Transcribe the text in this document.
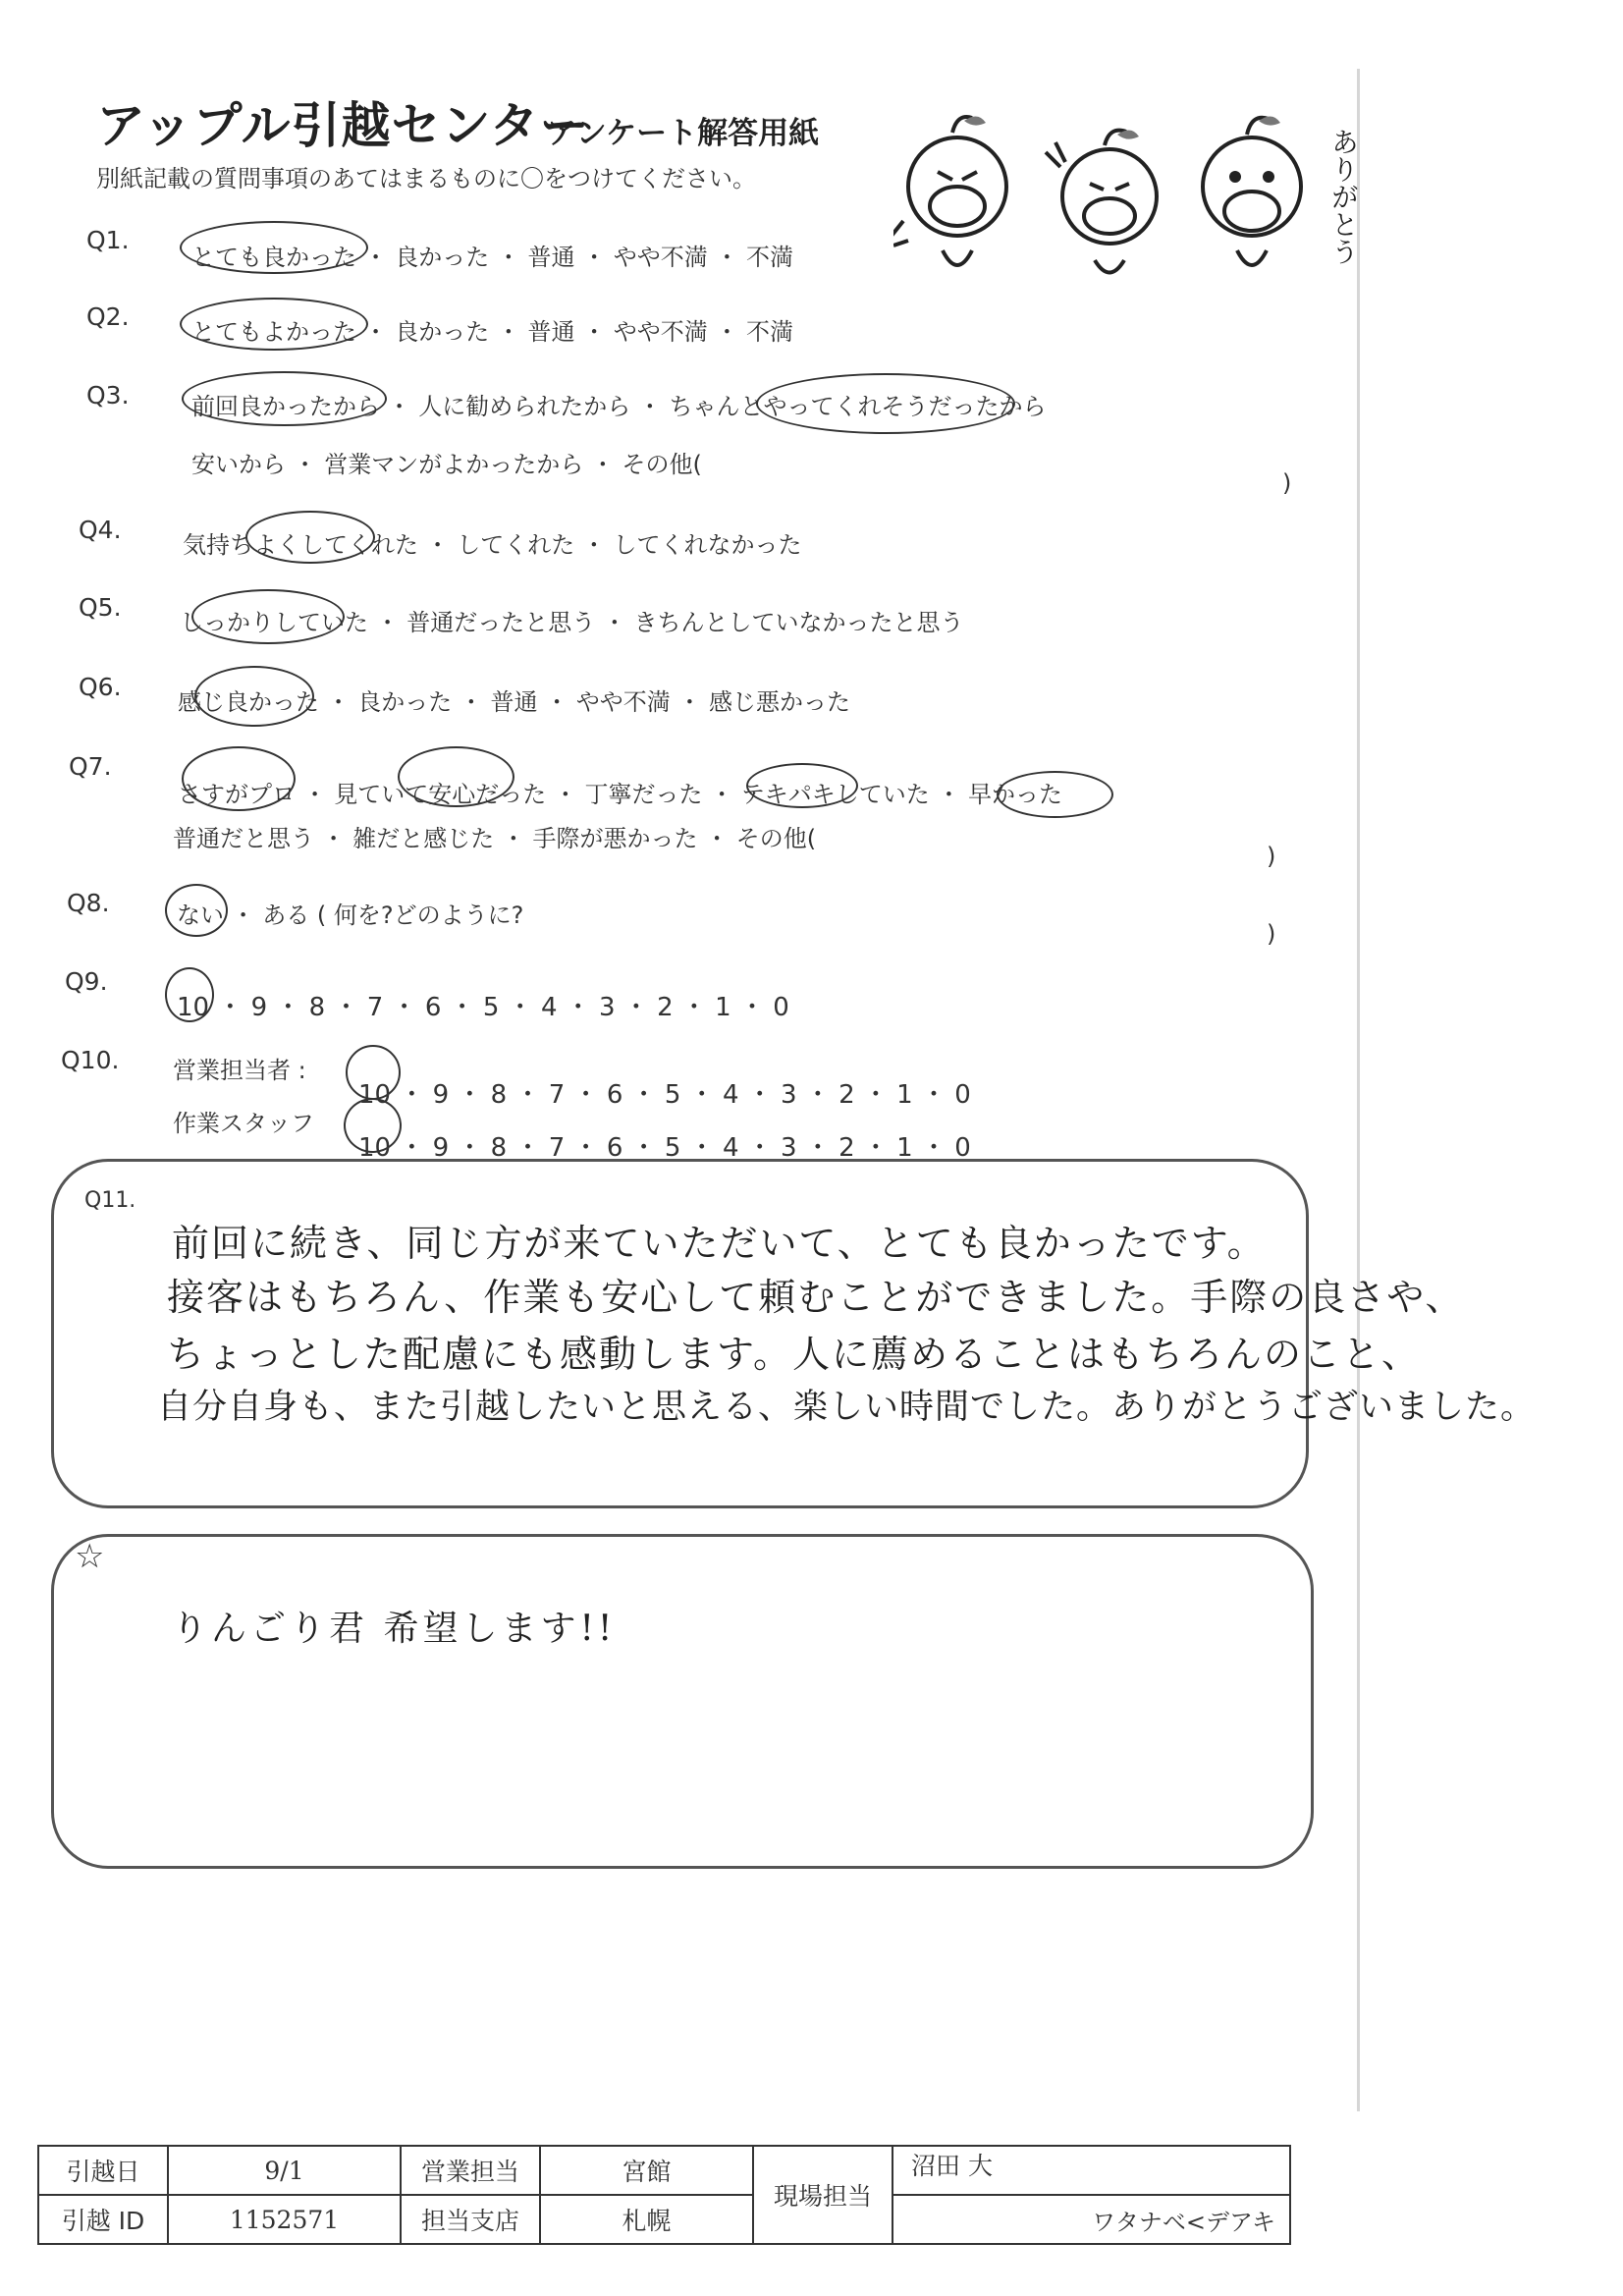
アップル引越センター
アンケート解答用紙
別紙記載の質問事項のあてはまるものに〇をつけてください。	ありがとう
Q1.
とても良かった ・ 良かった ・ 普通 ・ やや不満 ・ 不満
Q2.
とてもよかった ・ 良かった ・ 普通 ・ やや不満 ・ 不満
Q3.	前回良かったから ・ 人に勧められたから ・ ちゃんとやってくれそうだったから
安いから ・ 営業マンがよかったから ・ その他(
)
Q4.
気持ちよくしてくれた ・ してくれた ・ してくれなかった
Q5.
しっかりしていた ・ 普通だったと思う ・ きちんとしていなかったと思う
Q6.
感じ良かった ・ 良かった ・ 普通 ・ やや不満 ・ 感じ悪かった
Q7.
さすがプロ ・ 見ていて安心だった ・ 丁寧だった ・ テキパキしていた ・ 早かった
普通だと思う ・ 雑だと感じた ・ 手際が悪かった ・ その他(
)
Q8.	ない ・ ある ( 何を?どのように?
)
Q9.
10 ・ 9 ・ 8 ・ 7 ・ 6 ・ 5 ・ 4 ・ 3 ・ 2 ・ 1 ・ 0
Q10. 営業担当者 :
10 ・ 9 ・ 8 ・ 7 ・ 6 ・ 5 ・ 4 ・ 3 ・ 2 ・ 1 ・ 0
作業スタッフ
10 ・ 9 ・ 8 ・ 7 ・ 6 ・ 5 ・ 4 ・ 3 ・ 2 ・ 1 ・ 0
Q11.
前回に続き、同じ方が来ていただいて、とても良かったです。
接客はもちろん、作業も安心して頼むことができました。手際の良さや、
ちょっとした配慮にも感動します。人に薦めることはもちろんのこと、
自分自身も、また引越したいと思える、楽しい時間でした。ありがとうございました。
☆
りんごり君 希望します!!
引越日	9/1	営業担当	宮館	現場担当	沼田 大
引越 ID	1152571	担当支店	札幌		ワタナベ<デアキ
